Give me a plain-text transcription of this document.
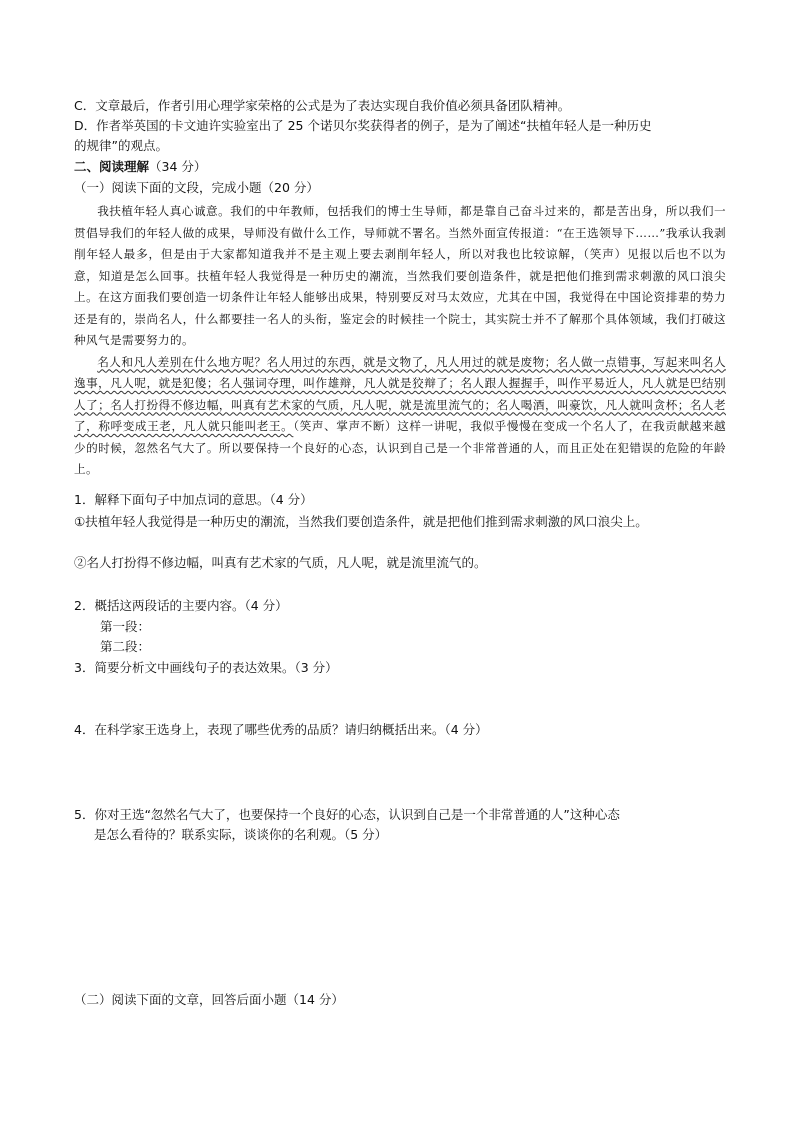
C．文章最后，作者引用心理学家荣格的公式是为了表达实现自我价值必须具备团队精神。
D．作者举英国的卡文迪许实验室出了 25 个诺贝尔奖获得者的例子，是为了阐述“扶植年轻人是一种历史
的规律”的观点。
二、阅读理解（34 分）
（一）阅读下面的文段，完成小题（20 分）

我扶植年轻人真心诚意。我们的中年教师，包括我们的博士生导师，都是靠自己奋斗过来的，都是苦出身，所以我们一贯倡导我们的年轻人做的成果，导师没有做什么工作，导师就不署名。当然外面宣传报道：“在王选领导下……”我承认我剥削年轻人最多，但是由于大家都知道我并不是主观上要去剥削年轻人，所以对我也比较谅解，（笑声）见报以后也不以为意，知道是怎么回事。扶植年轻人我觉得是一种历史的潮流，当然我们要创造条件，就是把他们推到需求刺激的风口浪尖上。在这方面我们要创造一切条件让年轻人能够出成果，特别要反对马太效应，尤其在中国，我觉得在中国论资排辈的势力还是有的，崇尚名人，什么都要挂一名人的头衔，鉴定会的时候挂一个院士，其实院士并不了解那个具体领域，我们打破这种风气是需要努力的。

名人和凡人差别在什么地方呢？名人用过的东西，就是文物了，凡人用过的就是废物；名人做一点错事，写起来叫名人逸事，凡人呢，就是犯傻；名人强词夺理，叫作雄辩，凡人就是狡辩了；名人跟人握握手，叫作平易近人，凡人就是巴结别人了；名人打扮得不修边幅，叫真有艺术家的气质，凡人呢，就是流里流气的；名人喝酒，叫豪饮，凡人就叫贪杯；名人老了，称呼变成王老，凡人就只能叫老王。（笑声、掌声不断）这样一讲呢，我似乎慢慢在变成一个名人了，在我贡献越来越少的时候，忽然名气大了。所以要保持一个良好的心态，认识到自己是一个非常普通的人，而且正处在犯错误的危险的年龄上。

1．解释下面句子中加点词的意思。（4 分）
①扶植年轻人我觉得是一种历史的潮流，当然我们要创造条件，就是把他们推到需求刺激的风口浪尖上。
②名人打扮得不修边幅，叫真有艺术家的气质，凡人呢，就是流里流气的。
2．概括这两段话的主要内容。（4 分）
第一段：
第二段：
3．简要分析文中画线句子的表达效果。（3 分）
4．在科学家王选身上，表现了哪些优秀的品质？请归纳概括出来。（4 分）
5．你对王选“忽然名气大了，也要保持一个良好的心态，认识到自己是一个非常普通的人”这种心态
是怎么看待的？联系实际，谈谈你的名利观。（5 分）
（二）阅读下面的文章，回答后面小题（14 分）
